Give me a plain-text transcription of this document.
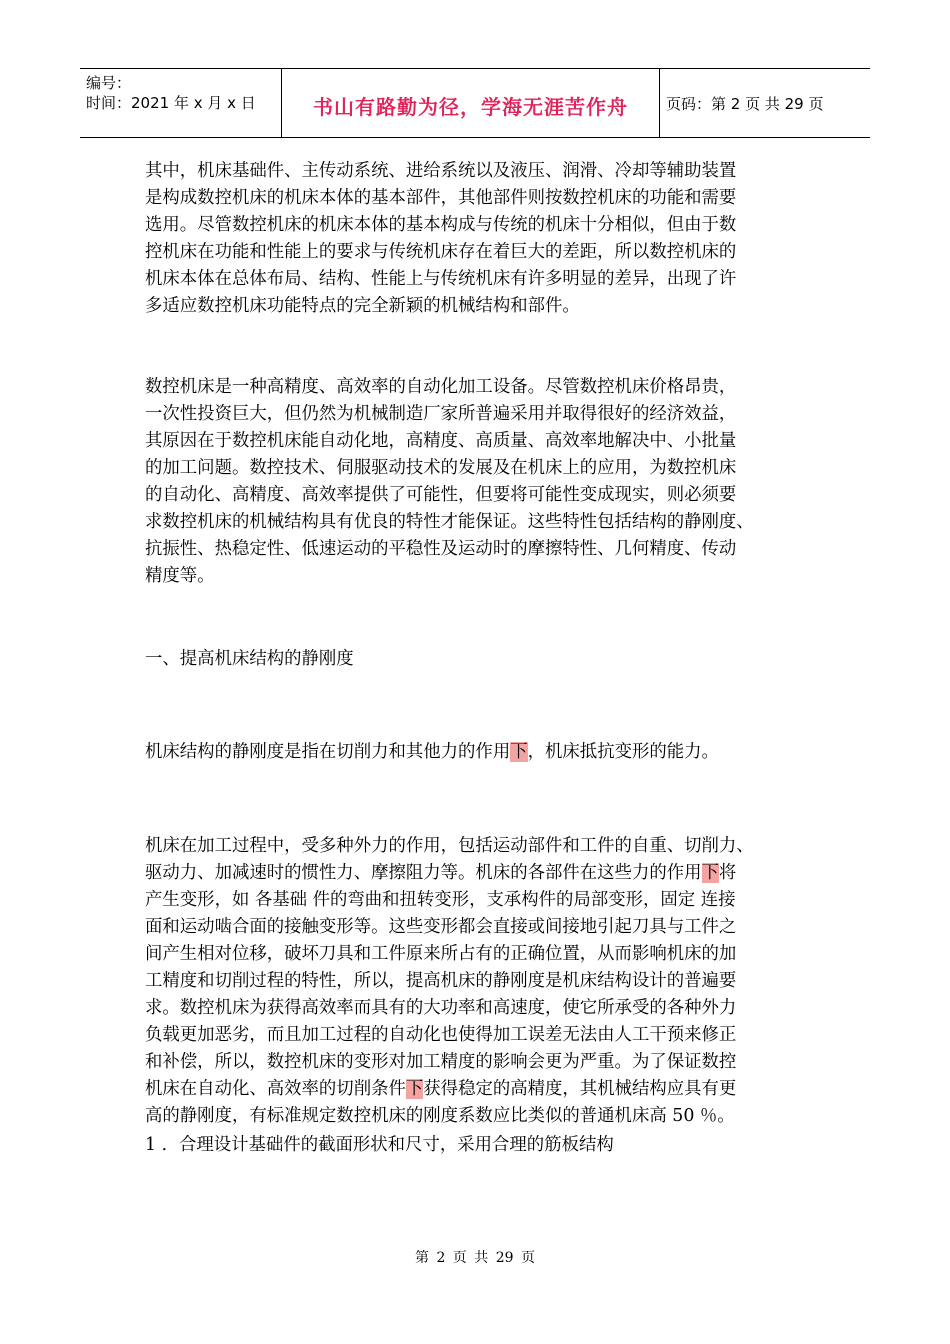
编号：
时间：2021 年 x 月 x 日	书山有路勤为径，学海无涯苦作舟	页码：第 2 页 共 29 页
其中，机床基础件、主传动系统、进给系统以及液压、润滑、冷却等辅助装置
是构成数控机床的机床本体的基本部件，其他部件则按数控机床的功能和需要
选用。尽管数控机床的机床本体的基本构成与传统的机床十分相似，但由于数
控机床在功能和性能上的要求与传统机床存在着巨大的差距，所以数控机床的
机床本体在总体布局、结构、性能上与传统机床有许多明显的差异，出现了许
多适应数控机床功能特点的完全新颖的机械结构和部件。
数控机床是一种高精度、高效率的自动化加工设备。尽管数控机床价格昂贵，
一次性投资巨大，但仍然为机械制造厂家所普遍采用并取得很好的经济效益，
其原因在于数控机床能自动化地，高精度、高质量、高效率地解决中、小批量
的加工问题。数控技术、伺服驱动技术的发展及在机床上的应用，为数控机床
的自动化、高精度、高效率提供了可能性，但要将可能性变成现实，则必须要
求数控机床的机械结构具有优良的特性才能保证。这些特性包括结构的静刚度、
抗振性、热稳定性、低速运动的平稳性及运动时的摩擦特性、几何精度、传动
精度等。
一、提高机床结构的静刚度
机床结构的静刚度是指在切削力和其他力的作用下，机床抵抗变形的能力。
机床在加工过程中，受多种外力的作用，包括运动部件和工件的自重、切削力、
驱动力、加减速时的惯性力、摩擦阻力等。机床的各部件在这些力的作用下将
产生变形，如 各基础 件的弯曲和扭转变形，支承构件的局部变形，固定 连接
面和运动啮合面的接触变形等。这些变形都会直接或间接地引起刀具与工件之
间产生相对位移，破坏刀具和工件原来所占有的正确位置，从而影响机床的加
工精度和切削过程的特性，所以，提高机床的静刚度是机床结构设计的普遍要
求。数控机床为获得高效率而具有的大功率和高速度，使它所承受的各种外力
负载更加恶劣，而且加工过程的自动化也使得加工误差无法由人工干预来修正
和补偿，所以，数控机床的变形对加工精度的影响会更为严重。为了保证数控
机床在自动化、高效率的切削条件下获得稳定的高精度，其机械结构应具有更
高的静刚度，有标准规定数控机床的刚度系数应比类似的普通机床高 50 ％。
1 ．合理设计基础件的截面形状和尺寸，采用合理的筋板结构
第 2 页 共 29 页
